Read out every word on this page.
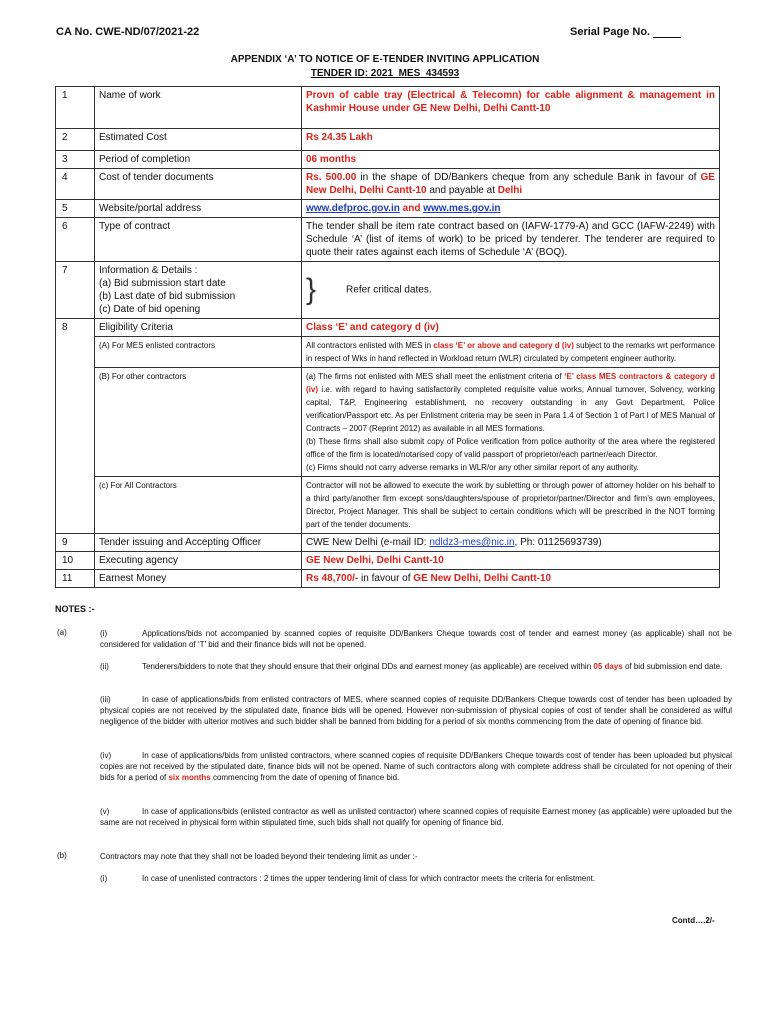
CA No. CWE-ND/07/2021-22	Serial Page No.
APPENDIX ‘A’ TO NOTICE OF E-TENDER INVITING APPLICATION
TENDER ID: 2021_MES_434593
1	Name of work	Provn of cable tray (Electrical & Telecomn) for cable alignment & management in Kashmir House under GE New Delhi, Delhi Cantt-10
2	Estimated Cost	Rs 24.35 Lakh
3	Period of completion	06 months
4	Cost of tender documents	Rs. 500.00 in the shape of DD/Bankers cheque from any schedule Bank in favour of GE New Delhi, Delhi Cantt-10 and payable at Delhi
5	Website/portal address	www.defproc.gov.in and www.mes.gov.in
6	Type of contract	The tender shall be item rate contract based on (IAFW-1779-A) and GCC (IAFW-2249) with Schedule ‘A’ (list of items of work) to be priced by tenderer. The tenderer are required to quote their rates against each items of Schedule ‘A’ (BOQ).
7	Information & Details :
(a) Bid submission start date
(b) Last date of bid submission
(c) Date of bid opening	} Refer critical dates.
8	Eligibility Criteria	Class ‘E’ and category d (iv)
	(A) For MES enlisted contractors	All contractors enlisted with MES in class ‘E’ or above and category d (iv) subject to the remarks wrt performance in respect of Wks in hand reflected in Workload return (WLR) circulated by competent engineer authority.
	(B) For other contractors	(a) The firms not enlisted with MES shall meet the enlistment criteria of ‘E’ class MES contractors & category d (iv) i.e. with regard to having satisfactorily completed requisite value works, Annual turnover, Solvency, working capital, T&P, Engineering establishment, no recovery outstanding in any Govt Department, Police verification/Passport etc. As per Enlistment criteria may be seen in Para 1.4 of Section 1 of Part I of MES Manual of Contracts – 2007 (Reprint 2012) as available in all MES formations.
(b) These firms shall also submit copy of Police verification from police authority of the area where the registered office of the firm is located/notarised copy of valid passport of proprietor/each partner/each Director.
(c) Firms should not carry adverse remarks in WLR/or any other similar report of any authority.

	(c) For All Contractors	Contractor will not be allowed to execute the work by subletting or through power of attorney holder on his behalf to a third party/another firm except sons/daughters/spouse of proprietor/partner/Director and firm’s own employees, Director, Project Manager. This shall be subject to certain conditions which will be prescribed in the NOT forming part of the tender documents.
9	Tender issuing and Accepting Officer	CWE New Delhi (e-mail ID: ndldz3-mes@nic.in, Ph: 01125693739)
10	Executing agency	GE New Delhi, Delhi Cantt-10
11	Earnest Money	Rs 48,700/- in favour of GE New Delhi, Delhi Cantt-10
NOTES :-
(a)	(i)	Applications/bids not accompanied by scanned copies of requisite DD/Bankers Cheque towards cost of tender and earnest money (as applicable) shall not be considered for validation of ‘T’ bid and their finance bids will not be opened.
(ii)	Tenderers/bidders to note that they should ensure that their original DDs and earnest money (as applicable) are received within 05 days of bid submission end date.
(iii)	In case of applications/bids from enlisted contractors of MES, where scanned copies of requisite DD/Bankers Cheque towards cost of tender has been uploaded by physical copies are not received by the stipulated date, finance bids will be opened. However non-submission of physical copies of cost of tender shall be considered as wilful negligence of the bidder with ulterior motives and such bidder shall be banned from bidding for a period of six months commencing from the date of opening of finance bid.
(iv)	In case of applications/bids from unlisted contractors, where scanned copies of requisite DD/Bankers Cheque towards cost of tender has been uploaded but physical copies are not received by the stipulated date, finance bids will not be opened. Name of such contractors along with complete address shall be circulated for not opening of their bids for a period of six months commencing from the date of opening of finance bid.
(v)	In case of applications/bids (enlisted contractor as well as unlisted contractor) where scanned copies of requisite Earnest money (as applicable) were uploaded but the same are not received in physical form within stipulated time, such bids shall not qualify for opening of finance bid.
(b)	Contractors may note that they shall not be loaded beyond their tendering limit as under :-
(i)	In case of unenlisted contractors : 2 times the upper tendering limit of class for which contractor meets the criteria for enlistment.
Contd….2/-
